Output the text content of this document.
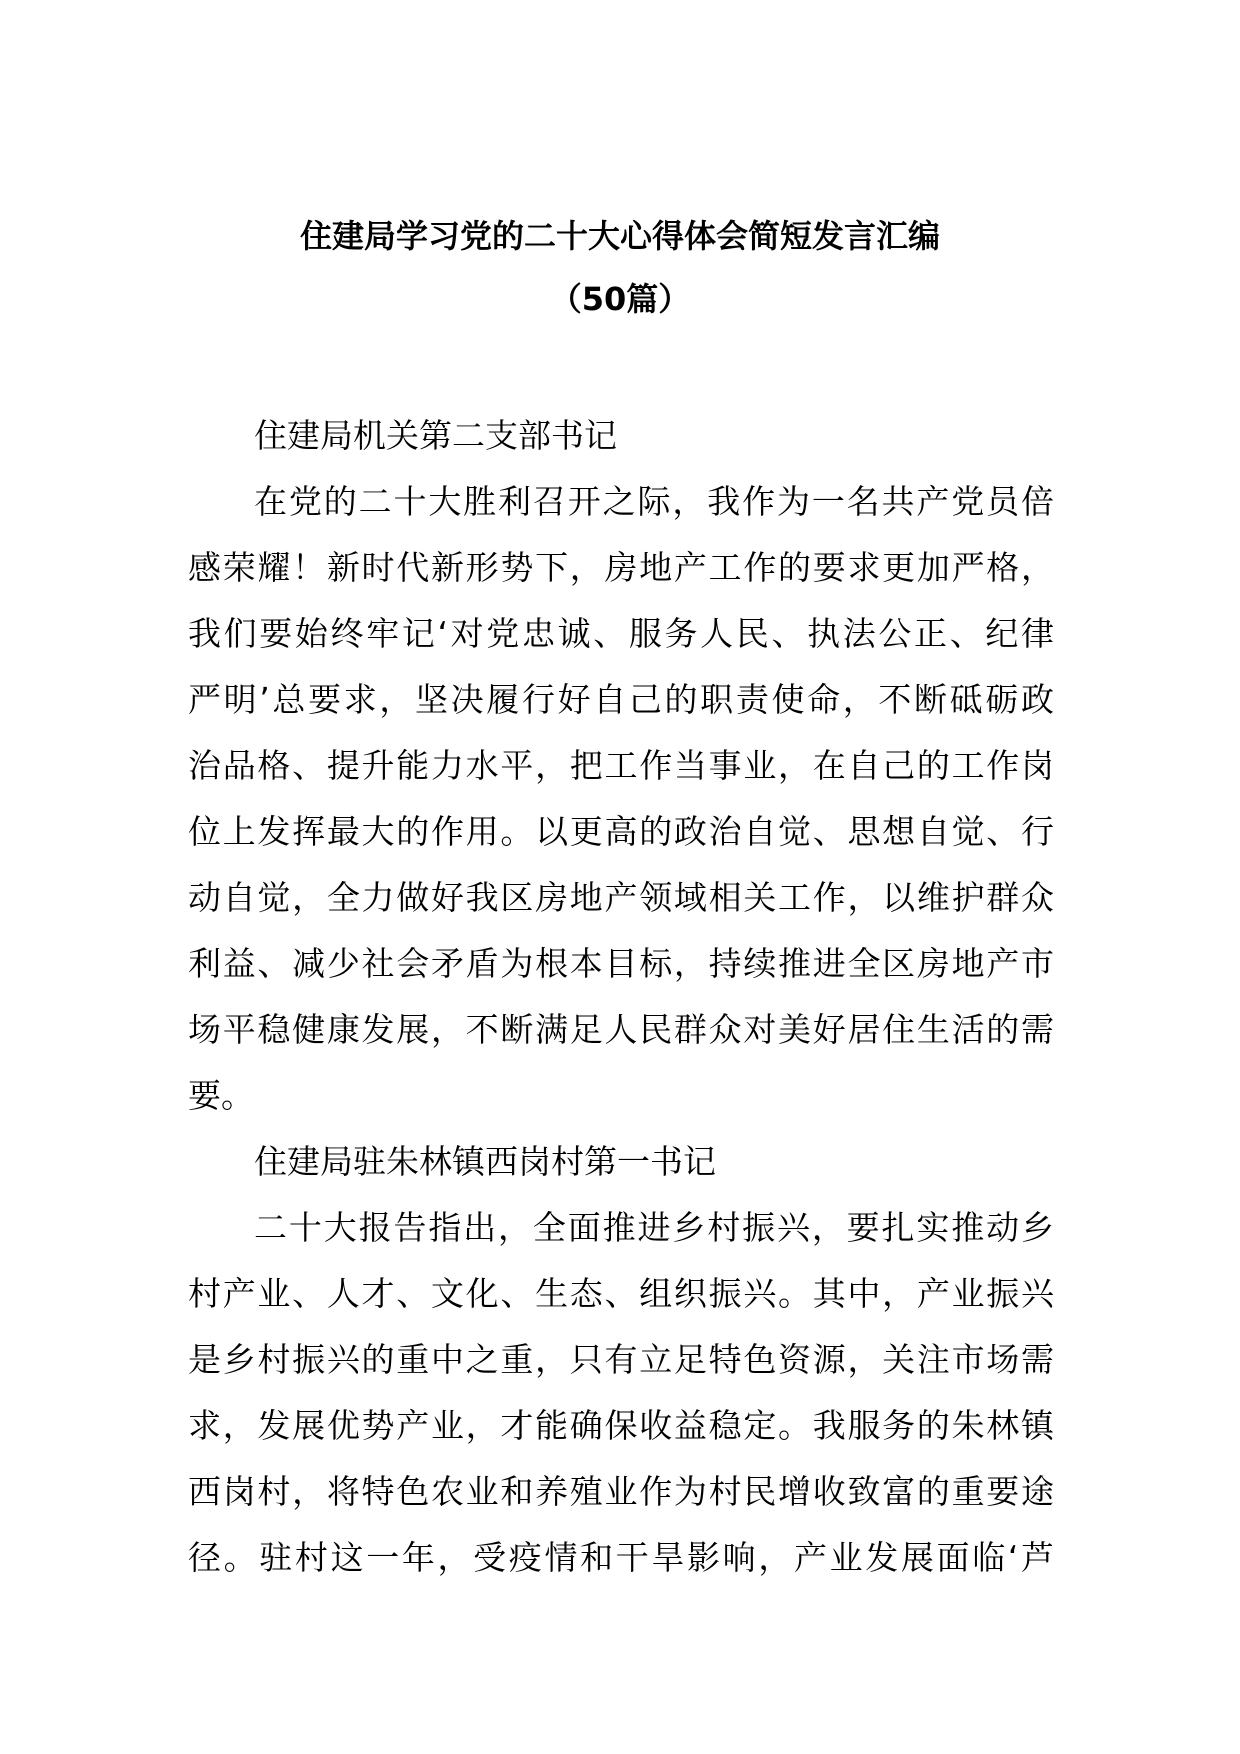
住建局学习党的二十大心得体会简短发言汇编
（50篇）
住建局机关第二支部书记
在党的二十大胜利召开之际，我作为一名共产党员倍
感荣耀！新时代新形势下，房地产工作的要求更加严格，
我们要始终牢记‘对党忠诚、服务人民、执法公正、纪律
严明’总要求，坚决履行好自己的职责使命，不断砥砺政
治品格、提升能力水平，把工作当事业，在自己的工作岗
位上发挥最大的作用。以更高的政治自觉、思想自觉、行
动自觉，全力做好我区房地产领域相关工作，以维护群众
利益、减少社会矛盾为根本目标，持续推进全区房地产市
场平稳健康发展，不断满足人民群众对美好居住生活的需
要。
住建局驻朱林镇西岗村第一书记
二十大报告指出，全面推进乡村振兴，要扎实推动乡
村产业、人才、文化、生态、组织振兴。其中，产业振兴
是乡村振兴的重中之重，只有立足特色资源，关注市场需
求，发展优势产业，才能确保收益稳定。我服务的朱林镇
西岗村，将特色农业和养殖业作为村民增收致富的重要途
径。驻村这一年，受疫情和干旱影响，产业发展面临‘芦
